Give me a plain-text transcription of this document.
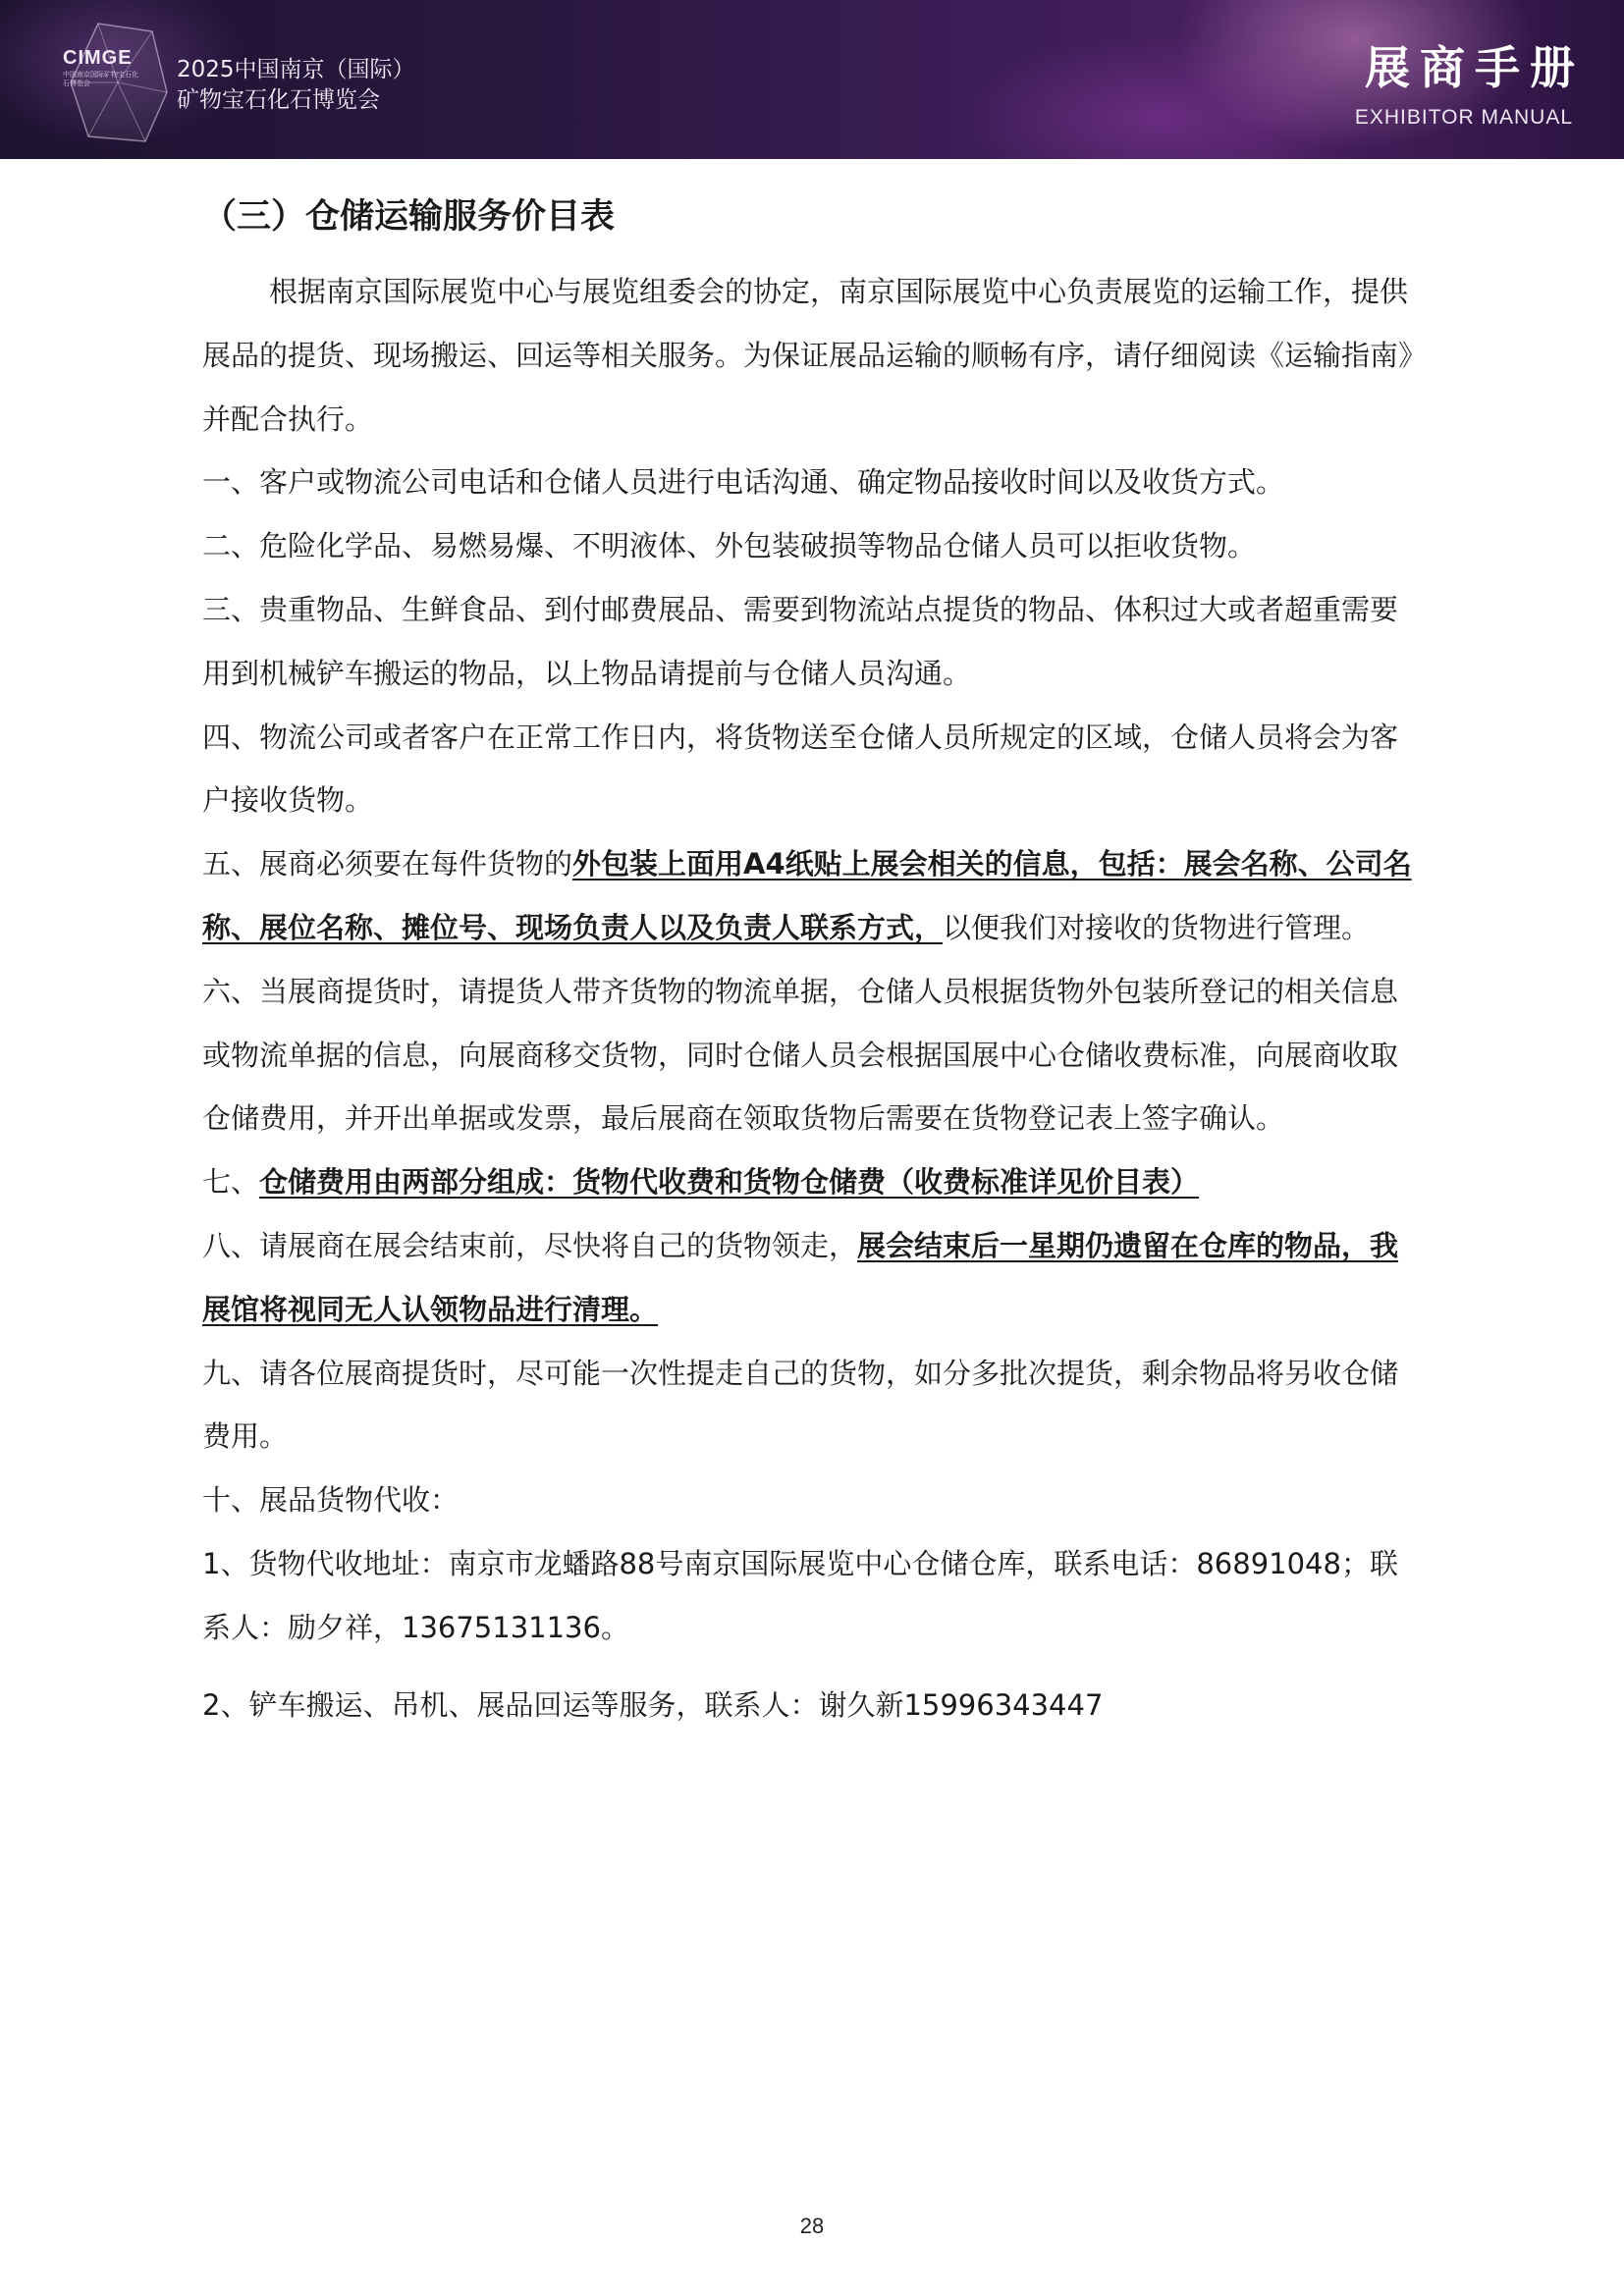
CIMGE
中国南京国际矿物宝石化石博览会
2025中国南京（国际）
矿物宝石化石博览会
展商手册
EXHIBITOR MANUAL
（三）仓储运输服务价目表

根据南京国际展览中心与展览组委会的协定，南京国际展览中心负责展览的运输工作，提供展品的提货、现场搬运、回运等相关服务。为保证展品运输的顺畅有序，请仔细阅读《运输指南》并配合执行。

一、客户或物流公司电话和仓储人员进行电话沟通、确定物品接收时间以及收货方式。

二、危险化学品、易燃易爆、不明液体、外包装破损等物品仓储人员可以拒收货物。

三、贵重物品、生鲜食品、到付邮费展品、需要到物流站点提货的物品、体积过大或者超重需要用到机械铲车搬运的物品，以上物品请提前与仓储人员沟通。

四、物流公司或者客户在正常工作日内，将货物送至仓储人员所规定的区域，仓储人员将会为客户接收货物。

五、展商必须要在每件货物的外包装上面用A4纸贴上展会相关的信息，包括：展会名称、公司名称、展位名称、摊位号、现场负责人以及负责人联系方式，以便我们对接收的货物进行管理。

六、当展商提货时，请提货人带齐货物的物流单据，仓储人员根据货物外包装所登记的相关信息或物流单据的信息，向展商移交货物，同时仓储人员会根据国展中心仓储收费标准，向展商收取仓储费用，并开出单据或发票，最后展商在领取货物后需要在货物登记表上签字确认。

七、仓储费用由两部分组成：货物代收费和货物仓储费（收费标准详见价目表）

八、请展商在展会结束前，尽快将自己的货物领走，展会结束后一星期仍遗留在仓库的物品，我展馆将视同无人认领物品进行清理。

九、请各位展商提货时，尽可能一次性提走自己的货物，如分多批次提货，剩余物品将另收仓储费用。

十、展品货物代收：

1、货物代收地址：南京市龙蟠路88号南京国际展览中心仓储仓库，联系电话：86891048；联系人：励夕祥，13675131136。

2、铲车搬运、吊机、展品回运等服务，联系人：谢久新15996343447

28
